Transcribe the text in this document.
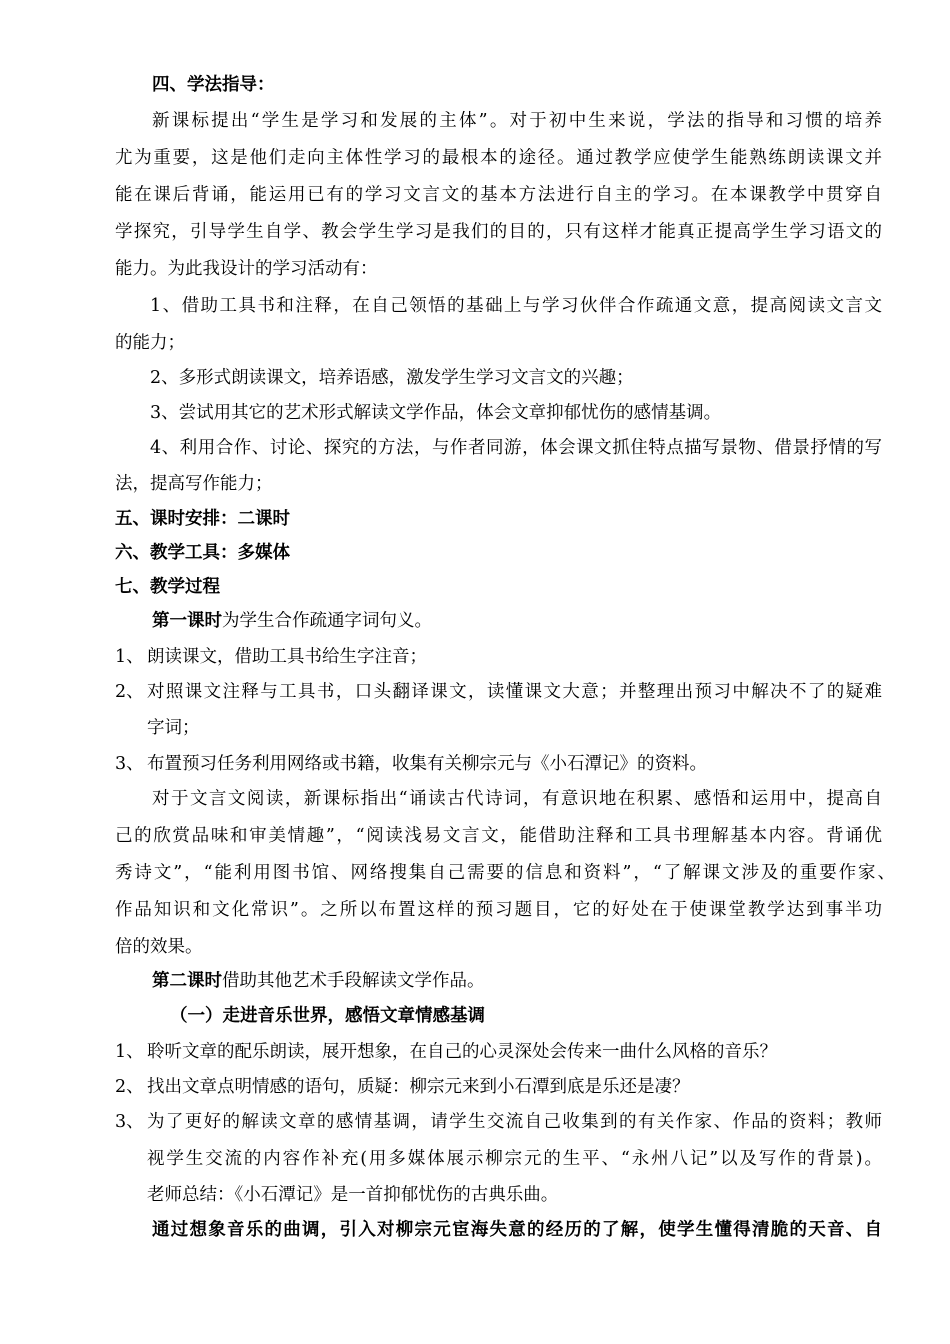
四、学法指导：
新课标提出“学生是学习和发展的主体”。对于初中生来说，学法的指导和习惯的培养
尤为重要，这是他们走向主体性学习的最根本的途径。通过教学应使学生能熟练朗读课文并
能在课后背诵，能运用已有的学习文言文的基本方法进行自主的学习。在本课教学中贯穿自
学探究，引导学生自学、教会学生学习是我们的目的，只有这样才能真正提高学生学习语文的
能力。为此我设计的学习活动有：
1、借助工具书和注释，在自己领悟的基础上与学习伙伴合作疏通文意，提高阅读文言文
的能力；
2、多形式朗读课文，培养语感，激发学生学习文言文的兴趣；
3、尝试用其它的艺术形式解读文学作品，体会文章抑郁忧伤的感情基调。
4、利用合作、讨论、探究的方法，与作者同游，体会课文抓住特点描写景物、借景抒情的写
法，提高写作能力；
五、课时安排：二课时
六、教学工具：多媒体
七、教学过程
第一课时为学生合作疏通字词句义。
1、 朗读课文，借助工具书给生字注音；
2、 对照课文注释与工具书，口头翻译课文，读懂课文大意；并整理出预习中解决不了的疑难
字词；
3、 布置预习任务利用网络或书籍，收集有关柳宗元与《小石潭记》的资料。
对于文言文阅读，新课标指出“诵读古代诗词，有意识地在积累、感悟和运用中，提高自
己的欣赏品味和审美情趣”，“阅读浅易文言文，能借助注释和工具书理解基本内容。背诵优
秀诗文”，“能利用图书馆、网络搜集自己需要的信息和资料”，“了解课文涉及的重要作家、
作品知识和文化常识”。之所以布置这样的预习题目，它的好处在于使课堂教学达到事半功
倍的效果。
第二课时借助其他艺术手段解读文学作品。
（一）走进音乐世界，感悟文章情感基调
1、 聆听文章的配乐朗读，展开想象，在自己的心灵深处会传来一曲什么风格的音乐？
2、 找出文章点明情感的语句，质疑：柳宗元来到小石潭到底是乐还是凄？
3、 为了更好的解读文章的感情基调，请学生交流自己收集到的有关作家、作品的资料；教师
视学生交流的内容作补充(用多媒体展示柳宗元的生平、“永州八记”以及写作的背景)。
老师总结：《小石潭记》是一首抑郁忧伤的古典乐曲。
通过想象音乐的曲调，引入对柳宗元宦海失意的经历的了解，使学生懂得清脆的天音、自
